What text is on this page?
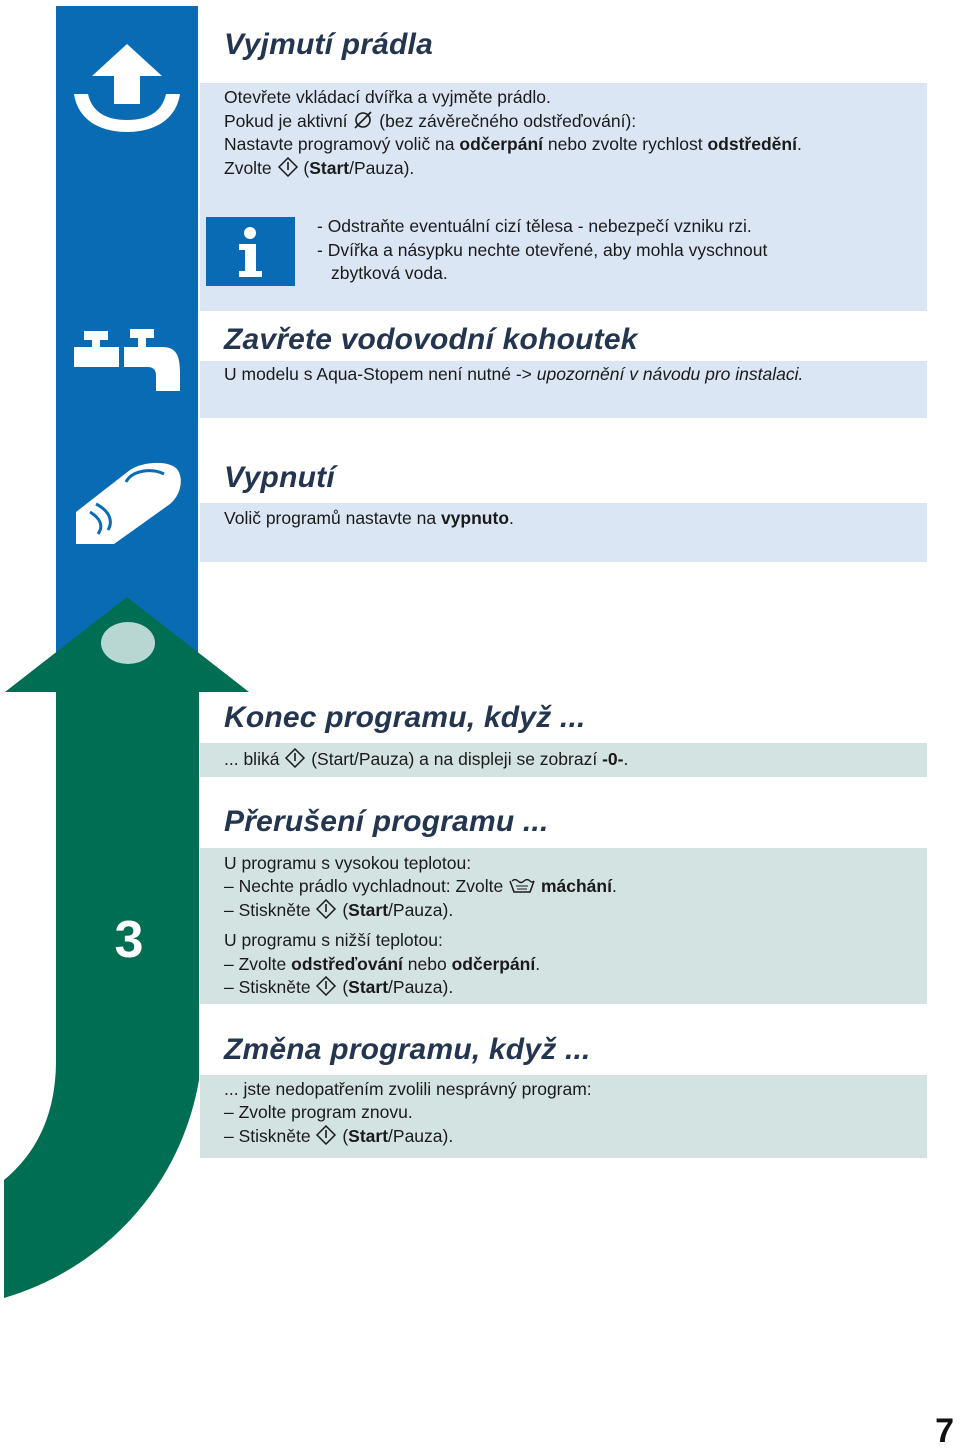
Vyjmutí prádla
Otevřete vkládací dvířka a vyjměte prádlo.
Pokud je aktivní (bez závěrečného odstřeďování):
Nastavte programový volič na odčerpání nebo zvolte rychlost odstředění.
Zvolte (Start/Pauza).
- Odstraňte eventuální cizí tělesa - nebezpečí vzniku rzi.
- Dvířka a násypku nechte otevřené, aby mohla vyschnout
zbytková voda.
Zavřete vodovodní kohoutek
U modelu s Aqua-Stopem není nutné -> upozornění v návodu pro instalaci.
Vypnutí
Volič programů nastavte na vypnuto.
3
Konec programu, když ...
... bliká (Start/Pauza) a na displeji se zobrazí -0-.
Přerušení programu ...
U programu s vysokou teplotou:
– Nechte prádlo vychladnout: Zvolte máchání.
– Stiskněte (Start/Pauza).
U programu s nižší teplotou:
– Zvolte odstřeďování nebo odčerpání.
– Stiskněte (Start/Pauza).
Změna programu, když ...
... jste nedopatřením zvolili nesprávný program:
– Zvolte program znovu.
– Stiskněte (Start/Pauza).
7
